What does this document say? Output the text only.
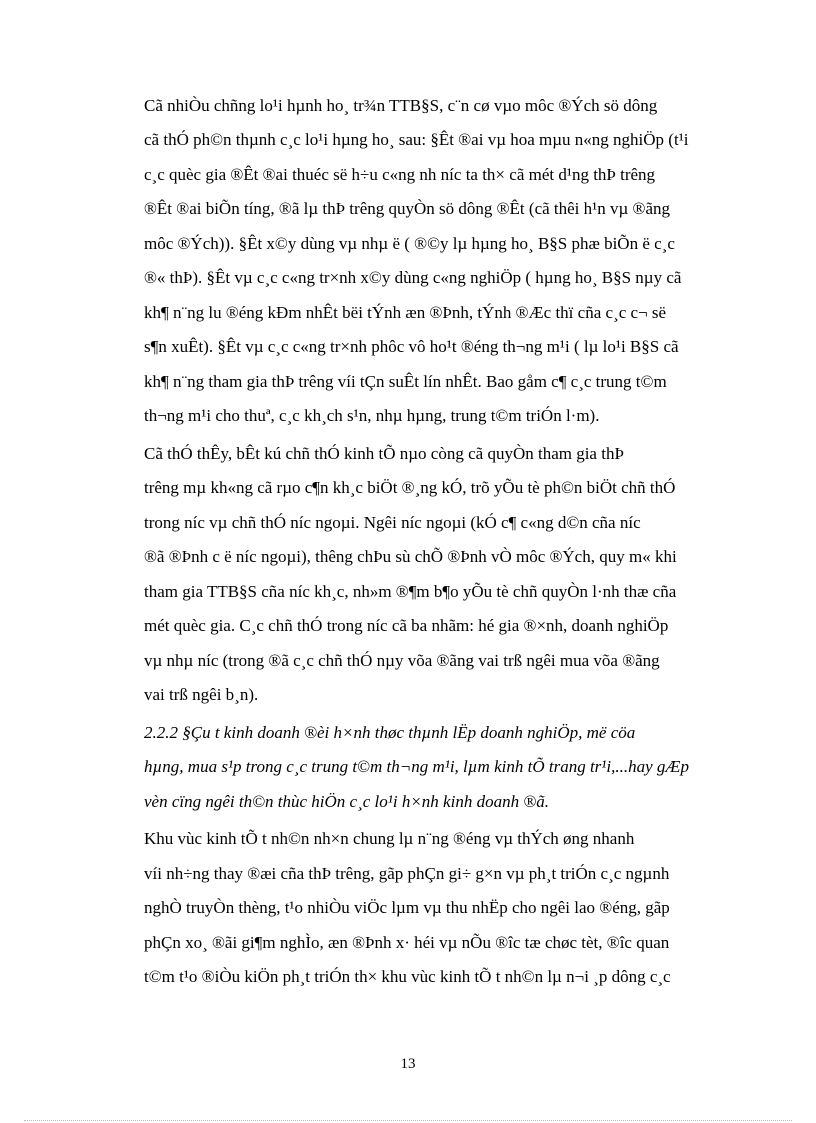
Cã nhiÒu chñng lo¹i hµnh ho¸ tr¾n TTB§S, c¨n cø vµo môc ®Ých sö dông
cã thÓ ph©n thµnh c¸c lo¹i hµng ho¸ sau: §Êt ®ai vµ hoa mµu n«ng nghiÖp (t¹i
c¸c quèc gia ®Êt ®ai thuéc së h÷u c«ng nh níc ta th× cã mét d¹ng thÞ trêng
®Êt ®ai biÕn tíng, ®ã lµ thÞ trêng quyÒn sö dông ®Êt (cã thêi h¹n vµ ®ãng
môc ®Ých)). §Êt x©y dùng vµ nhµ ë ( ®©y lµ hµng ho¸ B§S phæ biÕn ë c¸c
®« thÞ). §Êt vµ c¸c c«ng tr×nh x©y dùng c«ng nghiÖp ( hµng ho¸ B§S nµy cã
kh¶ n¨ng lu ®éng kÐm nhÊt bëi tÝnh æn ®Þnh, tÝnh ®Æc thï cña c¸c c¬ së
s¶n xuÊt). §Êt vµ c¸c c«ng tr×nh phôc vô ho¹t ®éng th¬ng m¹i ( lµ lo¹i B§S cã
kh¶ n¨ng tham gia thÞ trêng víi tÇn suÊt lín nhÊt. Bao gåm c¶ c¸c trung t©m
th¬ng m¹i cho thuª, c¸c kh¸ch s¹n, nhµ hµng, trung t©m triÓn l·m).
Cã thÓ thÊy, bÊt kú chñ thÓ kinh tÕ nµo còng cã quyÒn tham gia thÞ
trêng mµ kh«ng cã rµo c¶n kh¸c biÖt ®¸ng kÓ, trõ yÕu tè ph©n biÖt chñ thÓ
trong níc vµ chñ thÓ níc ngoµi. Ngêi níc ngoµi (kÓ c¶ c«ng d©n cña níc
®ã ®Þnh c ë níc ngoµi), thêng chÞu sù chÕ ®Þnh vÒ môc ®Ých, quy m« khi
tham gia TTB§S cña níc kh¸c, nh»m ®¶m b¶o yÕu tè chñ quyÒn l·nh thæ cña
mét quèc gia. C¸c chñ thÓ trong níc cã ba nhãm: hé gia ®×nh, doanh nghiÖp
vµ nhµ níc (trong ®ã c¸c chñ thÓ nµy võa ®ãng vai trß ngêi mua võa ®ãng
vai trß ngêi b¸n).
2.2.2 §Çu t kinh doanh ®èi h×nh thøc thµnh lËp doanh nghiÖp, më cöa
hµng, mua s¹p trong c¸c trung t©m th¬ng m¹i, lµm kinh tÕ trang tr¹i,...hay gÆp
vèn cïng ngêi th©n thùc hiÖn c¸c lo¹i h×nh kinh doanh ®ã.
Khu vùc kinh tÕ t nh©n nh×n chung lµ n¨ng ®éng vµ thÝch øng nhanh
víi nh÷ng thay ®æi cña thÞ trêng, gãp phÇn gi÷ g×n vµ ph¸t triÓn c¸c ngµnh
nghÒ truyÒn thèng, t¹o nhiÒu viÖc lµm vµ thu nhËp cho ngêi lao ®éng, gãp
phÇn xo¸ ®ãi gi¶m nghÌo, æn ®Þnh x· héi vµ nÕu ®îc tæ chøc tèt, ®îc quan
t©m t¹o ®iÒu kiÖn ph¸t triÓn th× khu vùc kinh tÕ t nh©n lµ n¬i ¸p dông c¸c
13
